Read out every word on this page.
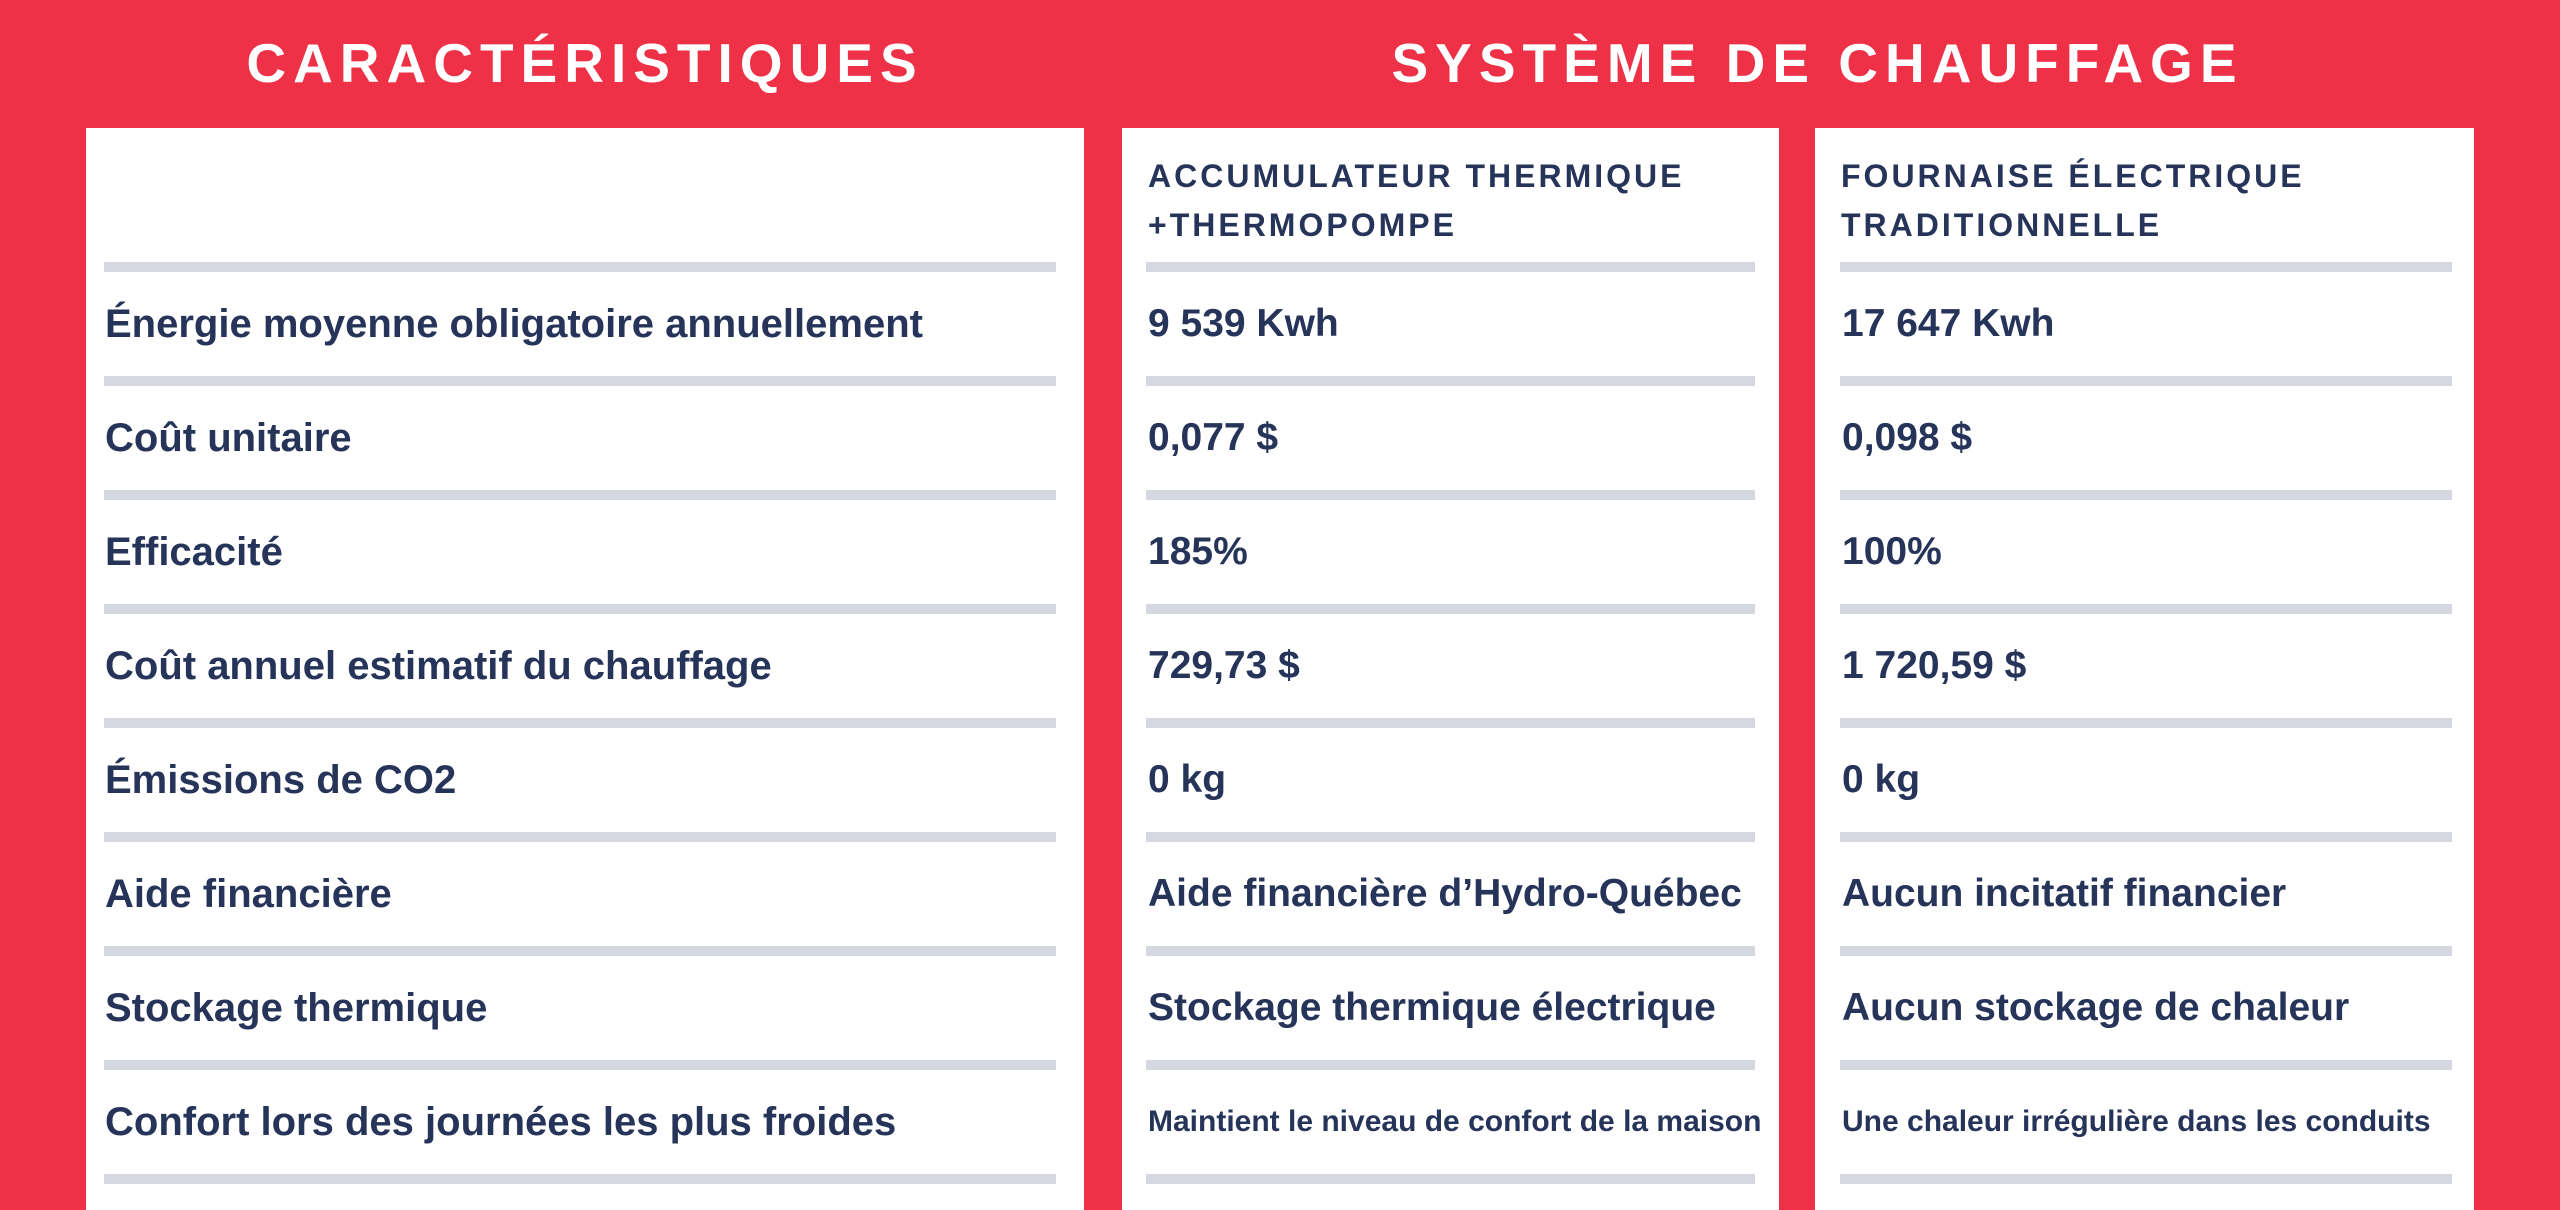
CARACTÉRISTIQUES	SYSTÈME DE CHAUFFAGE
Énergie moyenne obligatoire annuellement
Coût unitaire
Efficacité
Coût annuel estimatif du chauffage
Émissions de CO2
Aide financière
Stockage thermique
Confort lors des journées les plus froides
ACCUMULATEUR THERMIQUE
+THERMOPOMPE
9 539 Kwh
0,077 $
185%
729,73 $
0 kg
Aide financière d’Hydro-Québec
Stockage thermique électrique
Maintient le niveau de confort de la maison
FOURNAISE ÉLECTRIQUE
TRADITIONNELLE
17 647 Kwh
0,098 $
100%
1 720,59 $
0 kg
Aucun incitatif financier
Aucun stockage de chaleur
Une chaleur irrégulière dans les conduits
